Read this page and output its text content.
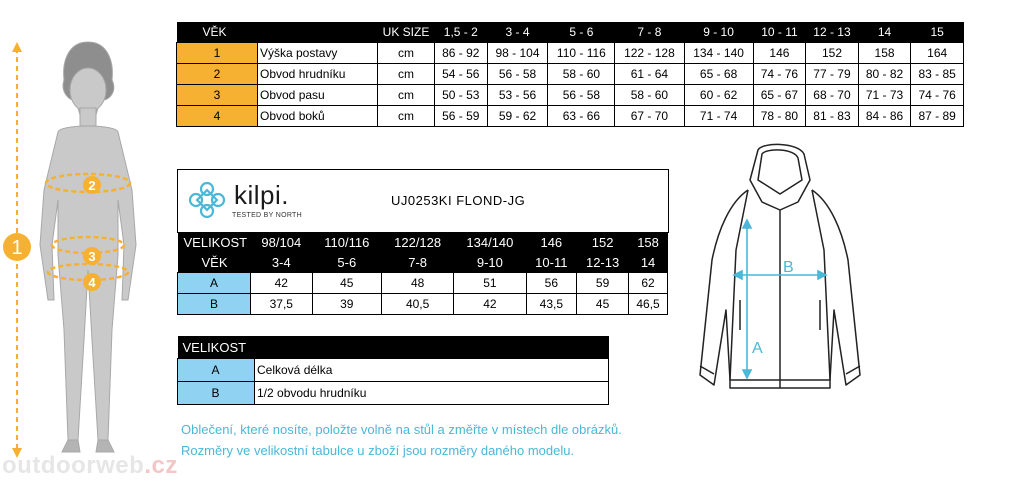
1
2
3
4
VĚK		UK SIZE	1,5 - 2	3 - 4	5 - 6	7 - 8	9 - 10	10 - 11	12 - 13	14	15
1	Výška postavy	cm	86 - 92	98 - 104	110 - 116	122 - 128	134 - 140	146	152	158	164
2	Obvod hrudníku	cm	54 - 56	56 - 58	58 - 60	61 - 64	65 - 68	74 - 76	77 - 79	80 - 82	83 - 85
3	Obvod pasu	cm	50 - 53	53 - 56	56 - 58	58 - 60	60 - 62	65 - 67	68 - 70	71 - 73	74 - 76
4	Obvod boků	cm	56 - 59	59 - 62	63 - 66	67 - 70	71 - 74	78 - 80	81 - 83	84 - 86	87 - 89
kilpi.
TESTED BY NORTH
UJ0253KI FLOND-JG
VELIKOST	98/104	110/116	122/128	134/140	146	152	158
VĚK	3-4	5-6	7-8	9-10	10-11	12-13	14
A	42	45	48	51	56	59	62
B	37,5	39	40,5	42	43,5	45	46,5
VELIKOST	
A	Celková délka
B	1/2 obvodu hrudníku
Oblečení, které nosíte, položte volně na stůl a změřte v místech dle obrázků.
Rozměry ve velikostní tabulce u zboží jsou rozměry daného modelu.
outdoorweb.cz
A
B
